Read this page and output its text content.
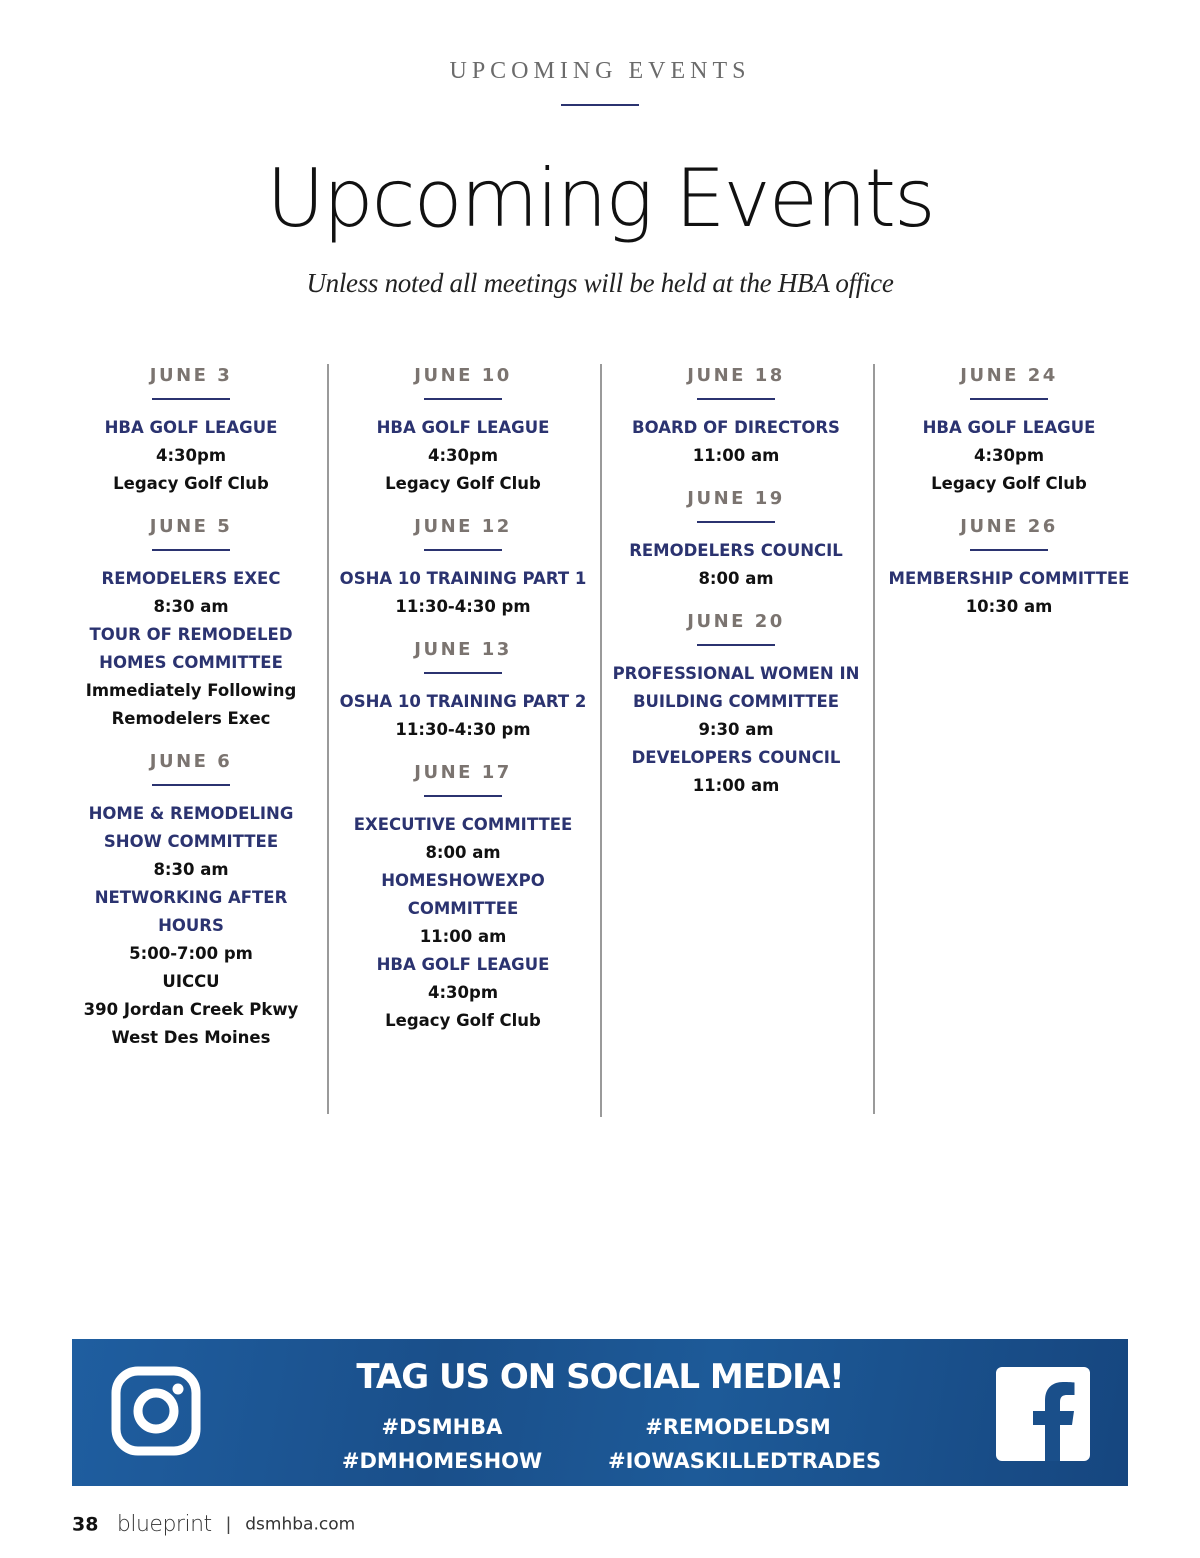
UPCOMING EVENTS
Upcoming Events
Unless noted all meetings will be held at the HBA office
JUNE 3
HBA GOLF LEAGUE
4:30pm
Legacy Golf Club
JUNE 5
REMODELERS EXEC
8:30 am
TOUR OF REMODELED
HOMES COMMITTEE
Immediately Following
Remodelers Exec
JUNE 6
HOME & REMODELING
SHOW COMMITTEE
8:30 am
NETWORKING AFTER
HOURS
5:00-7:00 pm
UICCU
390 Jordan Creek Pkwy
West Des Moines
JUNE 10
HBA GOLF LEAGUE
4:30pm
Legacy Golf Club
JUNE 12
OSHA 10 TRAINING PART 1
11:30-4:30 pm
JUNE 13
OSHA 10 TRAINING PART 2
11:30-4:30 pm
JUNE 17
EXECUTIVE COMMITTEE
8:00 am
HOMESHOWEXPO
COMMITTEE
11:00 am
HBA GOLF LEAGUE
4:30pm
Legacy Golf Club
JUNE 18
BOARD OF DIRECTORS
11:00 am
JUNE 19
REMODELERS COUNCIL
8:00 am
JUNE 20
PROFESSIONAL WOMEN IN
BUILDING COMMITTEE
9:30 am
DEVELOPERS COUNCIL
11:00 am
JUNE 24
HBA GOLF LEAGUE
4:30pm
Legacy Golf Club
JUNE 26
MEMBERSHIP COMMITTEE
10:30 am
TAG US ON SOCIAL MEDIA!
#DSMHBA	#REMODELDSM
#DMHOMESHOW	#IOWASKILLEDTRADES
38 blueprint | dsmhba.com
